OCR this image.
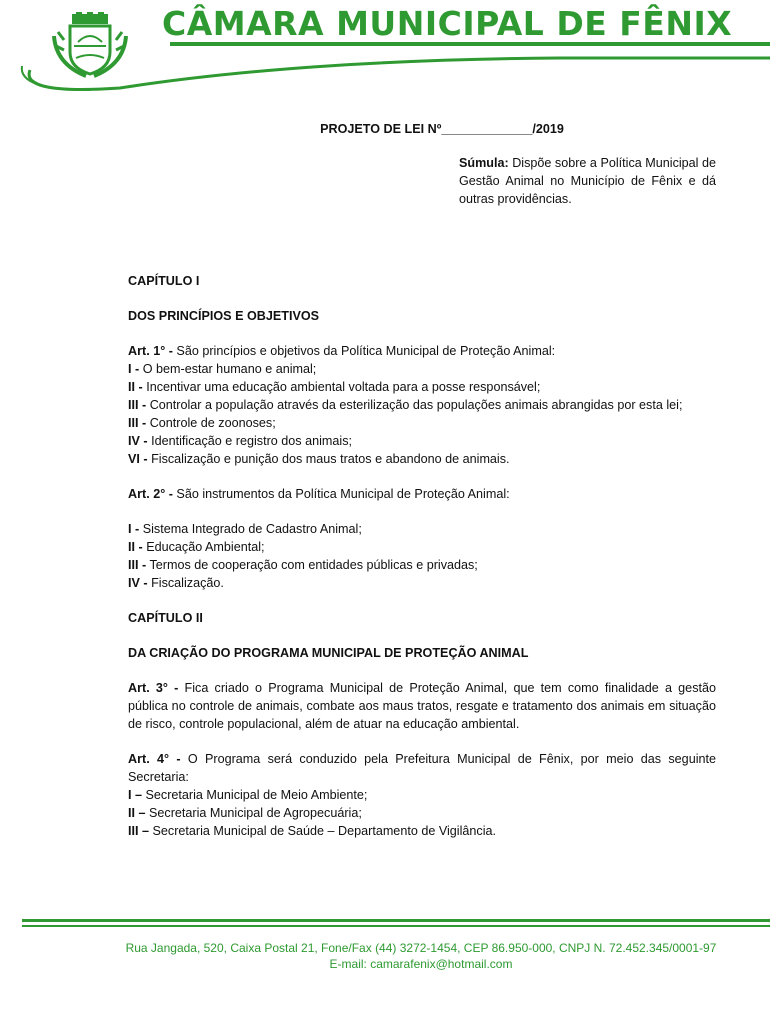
CÂMARA MUNICIPAL DE FÊNIX

PROJETO DE LEI Nº_____________/2019

Súmula: Dispõe sobre a Política Municipal de Gestão Animal no Município de Fênix e dá outras providências.

CAPÍTULO I

DOS PRINCÍPIOS E OBJETIVOS

Art. 1° - São princípios e objetivos da Política Municipal de Proteção Animal:

I - O bem-estar humano e animal;

II - Incentivar uma educação ambiental voltada para a posse responsável;

III - Controlar a população através da esterilização das populações animais abrangidas por esta lei;

III - Controle de zoonoses;

IV - Identificação e registro dos animais;

VI - Fiscalização e punição dos maus tratos e abandono de animais.

Art. 2° - São instrumentos da Política Municipal de Proteção Animal:

I - Sistema Integrado de Cadastro Animal;

II - Educação Ambiental;

III - Termos de cooperação com entidades públicas e privadas;

IV - Fiscalização.

CAPÍTULO II

DA CRIAÇÃO DO PROGRAMA MUNICIPAL DE PROTEÇÃO ANIMAL

Art. 3° - Fica criado o Programa Municipal de Proteção Animal, que tem como finalidade a gestão pública no controle de animais, combate aos maus tratos, resgate e tratamento dos animais em situação de risco, controle populacional, além de atuar na educação ambiental.

Art. 4° - O Programa será conduzido pela Prefeitura Municipal de Fênix, por meio das seguinte Secretaria:

I – Secretaria Municipal de Meio Ambiente;

II – Secretaria Municipal de Agropecuária;

III – Secretaria Municipal de Saúde – Departamento de Vigilância.

Rua Jangada, 520, Caixa Postal 21, Fone/Fax (44) 3272-1454, CEP 86.950-000, CNPJ N. 72.452.345/0001-97
E-mail: camarafenix@hotmail.com
